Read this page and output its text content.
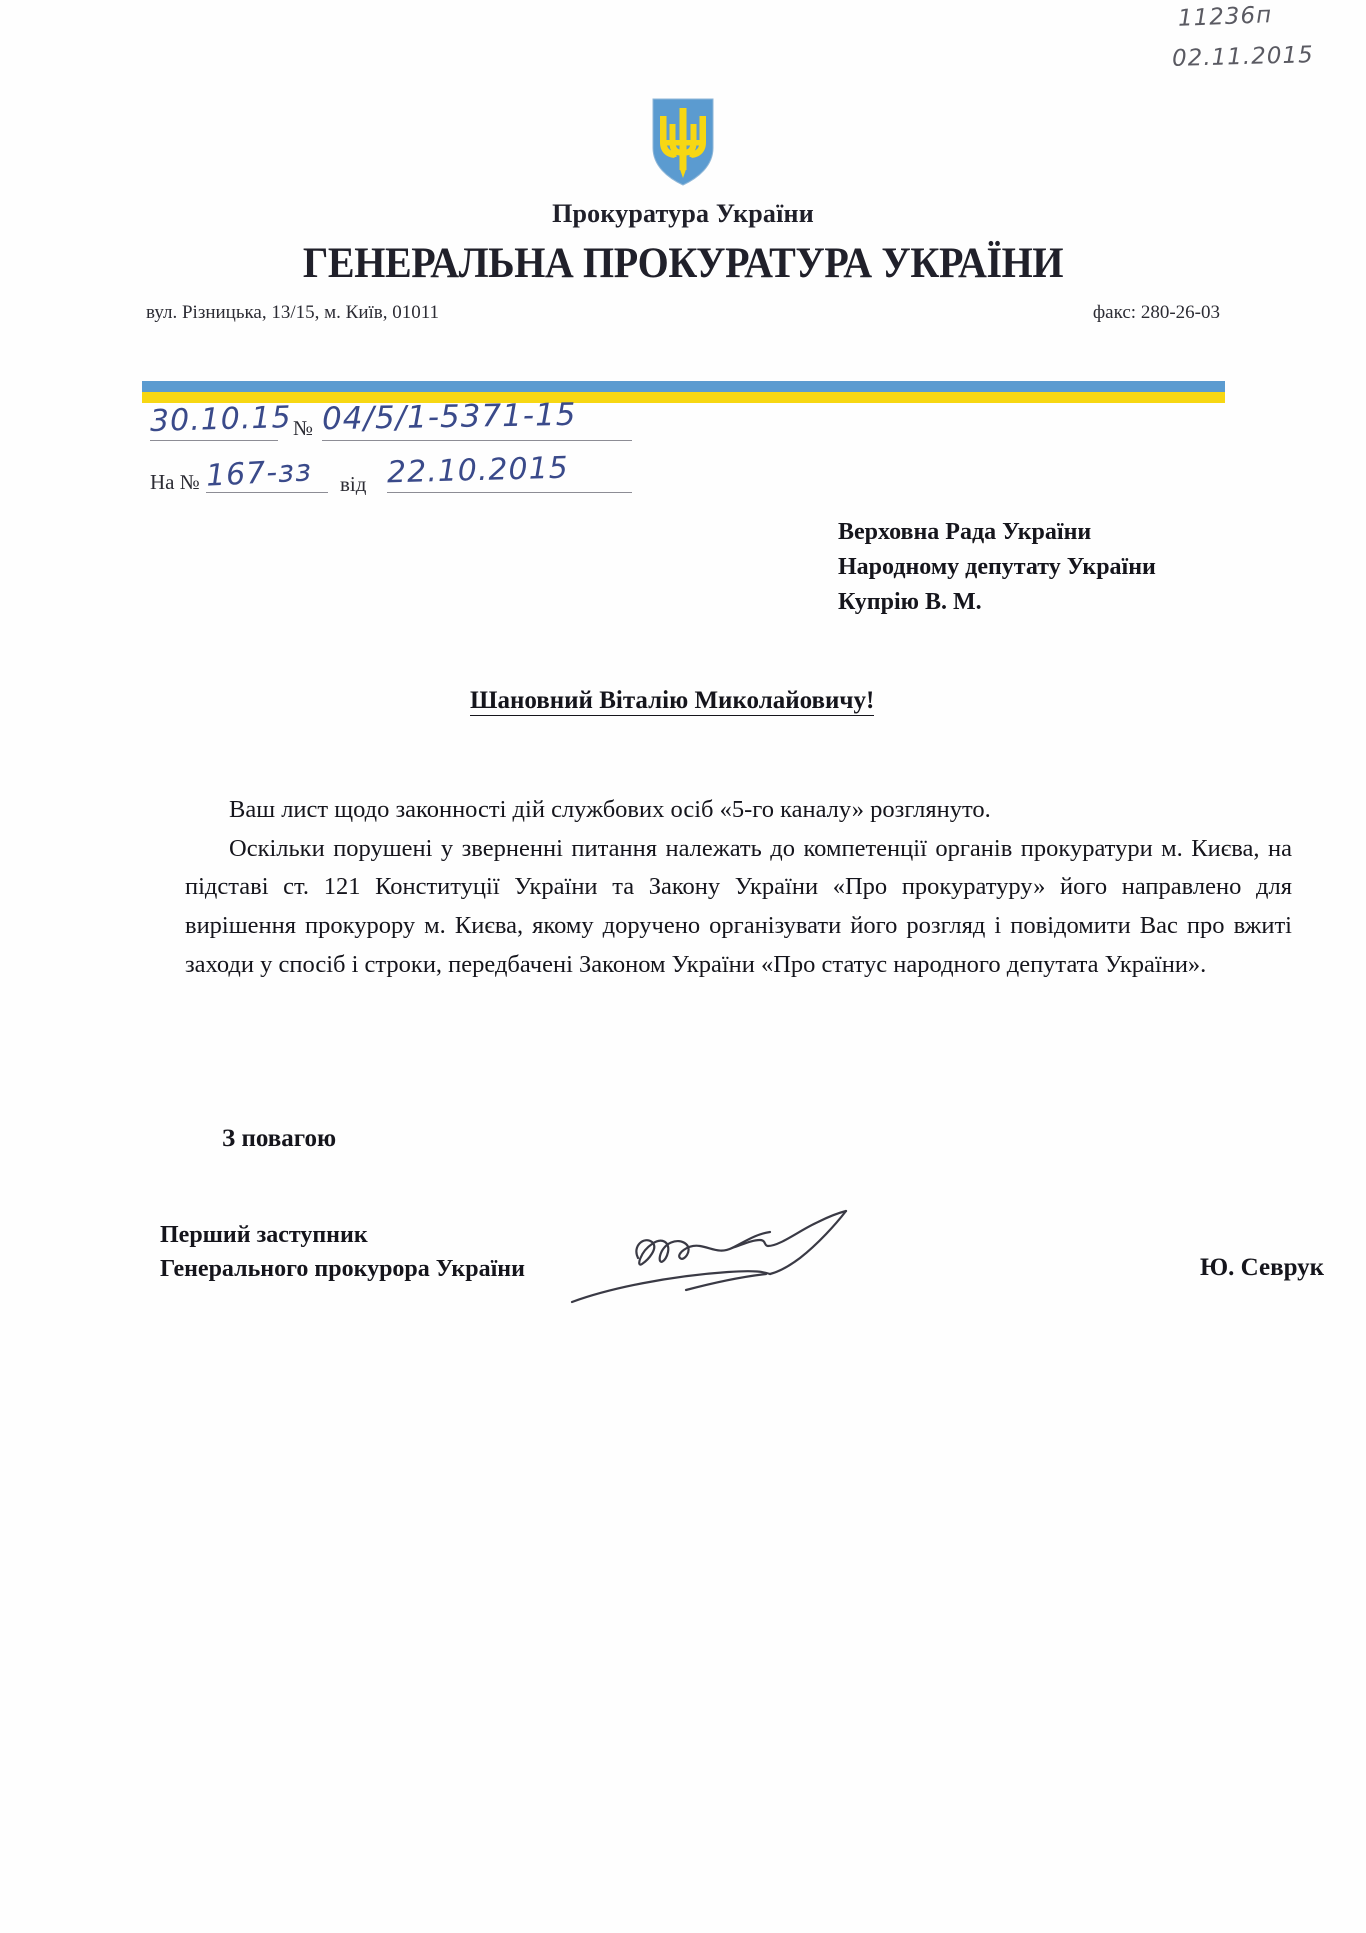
11236п
02.11.2015
Прокуратура України
ГЕНЕРАЛЬНА ПРОКУРАТУРА УКРАЇНИ
вул. Різницька, 13/15, м. Київ, 01011	факс: 280-26-03
30.10.15 № 04/5/1-5371-15
На № 167-зз від 22.10.2015
Верховна Рада України
Народному депутату України
Купрію В. М.
Шановний Віталію Миколайовичу!

Ваш лист щодо законності дій службових осіб «5-го каналу» розглянуто.

Оскільки порушені у зверненні питання належать до компетенції органів прокуратури м. Києва, на підставі ст. 121 Конституції України та Закону України «Про прокуратуру» його направлено для вирішення прокурору м. Києва, якому доручено організувати його розгляд і повідомити Вас про вжиті заходи у спосіб і строки, передбачені Законом України «Про статус народного депутата України».

З повагою
Перший заступник
Генерального прокурора України	Ю. Севрук
